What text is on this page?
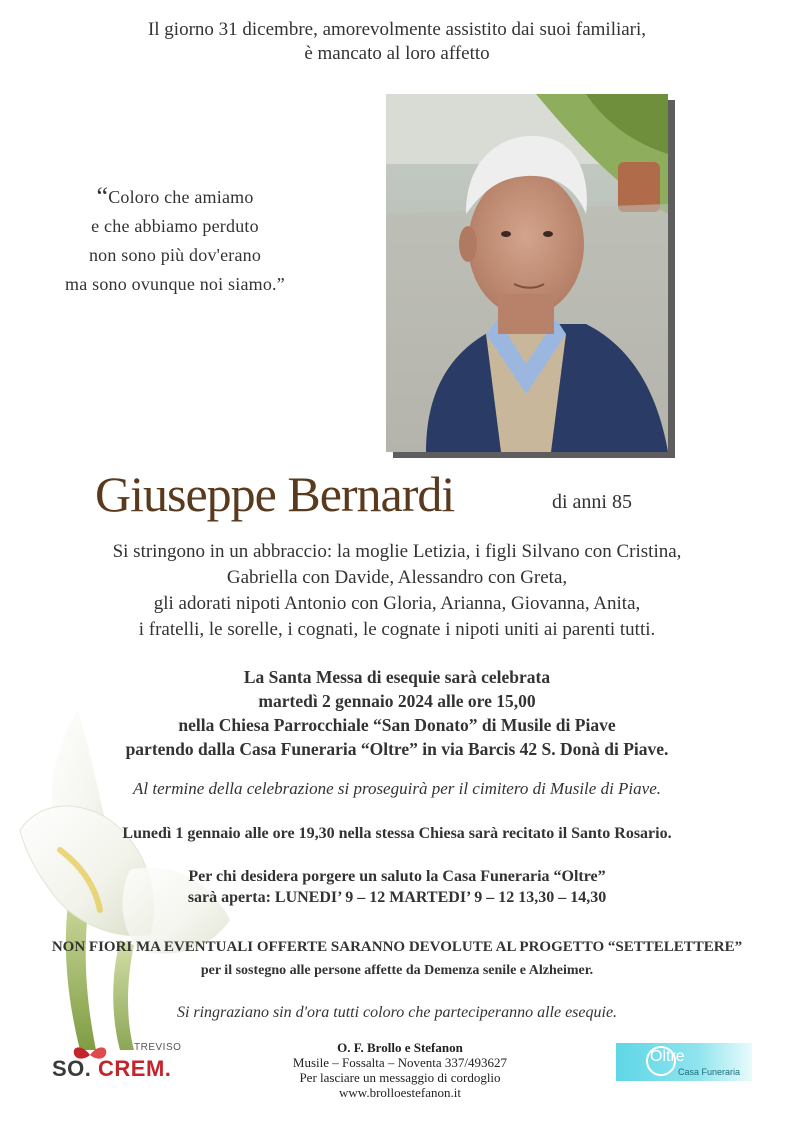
Il giorno 31 dicembre, amorevolmente assistito dai suoi familiari,
è mancato al loro affetto
“Coloro che amiamo
e che abbiamo perduto
non sono più dov'erano
ma sono ovunque noi siamo.”
Giuseppe Bernardi	di anni 85
Si stringono in un abbraccio: la moglie Letizia, i figli Silvano con Cristina,
Gabriella con Davide, Alessandro con Greta,
gli adorati nipoti Antonio con Gloria, Arianna, Giovanna, Anita,
i fratelli, le sorelle, i cognati, le cognate i nipoti uniti ai parenti tutti.
La Santa Messa di esequie sarà celebrata
martedì 2 gennaio 2024 alle ore 15,00
nella Chiesa Parrocchiale “San Donato” di Musile di Piave
partendo dalla Casa Funeraria “Oltre” in via Barcis 42 S. Donà di Piave.
Al termine della celebrazione si proseguirà per il cimitero di Musile di Piave.
Lunedì 1 gennaio alle ore 19,30 nella stessa Chiesa sarà recitato il Santo Rosario.
Per chi desidera porgere un saluto la Casa Funeraria “Oltre”
sarà aperta: LUNEDI’ 9 – 12 MARTEDI’ 9 – 12 13,30 – 14,30
NON FIORI MA EVENTUALI OFFERTE SARANNO DEVOLUTE AL PROGETTO “SETTELETTERE”
per il sostegno alle persone affette da Demenza senile e Alzheimer.
Si ringraziano sin d'ora tutti coloro che parteciperanno alle esequie.
TREVISO
SO. CREM.
O. F. Brollo e Stefanon
Musile – Fossalta – Noventa 337/493627
Per lasciare un messaggio di cordoglio
www.brolloestefanon.it
Oltre
Casa Funeraria
